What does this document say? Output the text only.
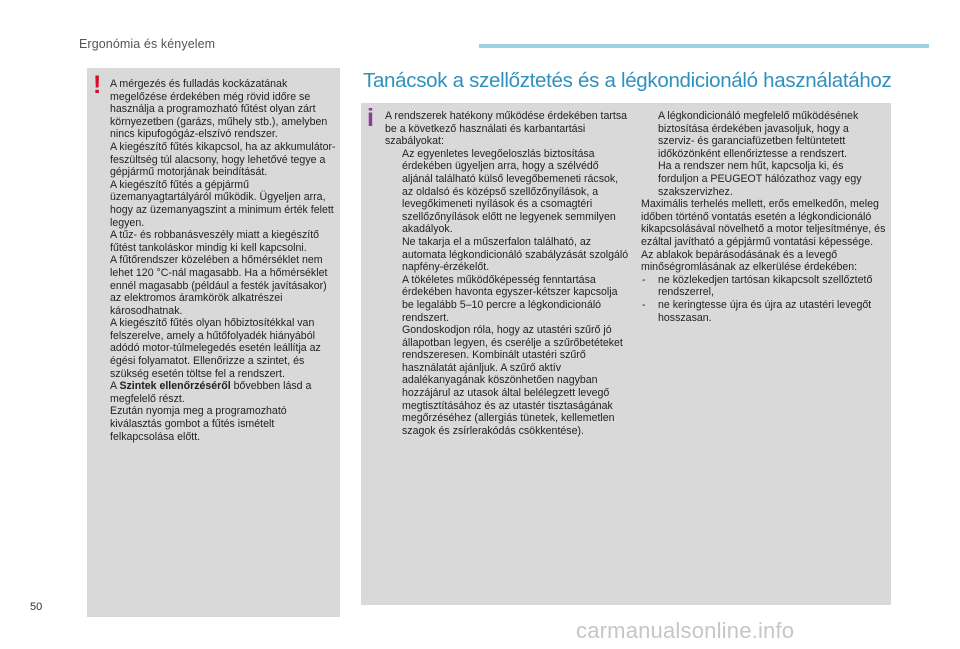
Ergonómia és kényelem
! A mérgezés és fulladás kockázatának megelőzése érdekében még rövid időre se használja a programozható fűtést olyan zárt környezetben (garázs, műhely stb.), amelyben nincs kipufogógáz-elszívó rendszer.
A kiegészítő fűtés kikapcsol, ha az akkumulátor-feszültség túl alacsony, hogy lehetővé tegye a gépjármű motorjának beindítását.
A kiegészítő fűtés a gépjármű üzemanyagtartályáról működik. Ügyeljen arra, hogy az üzemanyagszint a minimum érték felett legyen.
A tűz- és robbanásveszély miatt a kiegészítő fűtést tankoláskor mindig ki kell kapcsolni.
A fűtőrendszer közelében a hőmérséklet nem lehet 120 °C-nál magasabb. Ha a hőmérséklet ennél magasabb (például a festék javításakor) az elektromos áramkörök alkatrészei károsodhatnak.
A kiegészítő fűtés olyan hőbiztosítékkal van felszerelve, amely a hűtőfolyadék hiányából adódó motor-túlmelegedés esetén leállítja az égési folyamatot. Ellenőrizze a szintet, és szükség esetén töltse fel a rendszert.
A Szintek ellenőrzéséről bővebben lásd a megfelelő részt.
Ezután nyomja meg a programozható kiválasztás gombot a fűtés ismételt felkapcsolása előtt.
Tanácsok a szellőztetés és a légkondicionáló használatához
i A rendszerek hatékony működése érdekében tartsa be a következő használati és karbantartási szabályokat:
Az egyenletes levegőeloszlás biztosítása érdekében ügyeljen arra, hogy a szélvédő aljánál található külső levegőbemeneti rácsok, az oldalsó és középső szellőzőnyílások, a levegőkimeneti nyílások és a csomagtéri szellőzőnyílások előtt ne legyenek semmilyen akadályok.
Ne takarja el a műszerfalon található, az automata légkondicionáló szabályzását szolgáló napfény-érzékelőt.
A tökéletes működőképesség fenntartása érdekében havonta egyszer-kétszer kapcsolja be legalább 5–10 percre a légkondicionáló rendszert.
Gondoskodjon róla, hogy az utastéri szűrő jó állapotban legyen, és cserélje a szűrőbetéteket rendszeresen. Kombinált utastéri szűrő használatát ajánljuk. A szűrő aktív adalékanyagának köszönhetően nagyban hozzájárul az utasok által belélegzett levegő megtisztításához és az utastér tisztaságának megőrzéséhez (allergiás tünetek, kellemetlen szagok és zsírlerakódás csökkentése).
A légkondicionáló megfelelő működésének biztosítása érdekében javasoljuk, hogy a szerviz- és garanciafüzetben feltüntetett időközönként ellenőriztesse a rendszert.
Ha a rendszer nem hűt, kapcsolja ki, és forduljon a PEUGEOT hálózathoz vagy egy szakszervizhez.
Maximális terhelés mellett, erős emelkedőn, meleg időben történő vontatás esetén a légkondicionáló kikapcsolásával növelhető a motor teljesítménye, és ezáltal javítható a gépjármű vontatási képessége.
Az ablakok bepárásodásának és a levegő minőségromlásának az elkerülése érdekében:
- ne közlekedjen tartósan kikapcsolt szellőztető rendszerrel,
- ne keringtesse újra és újra az utastéri levegőt hosszasan.
50
carmanualsonline.info
